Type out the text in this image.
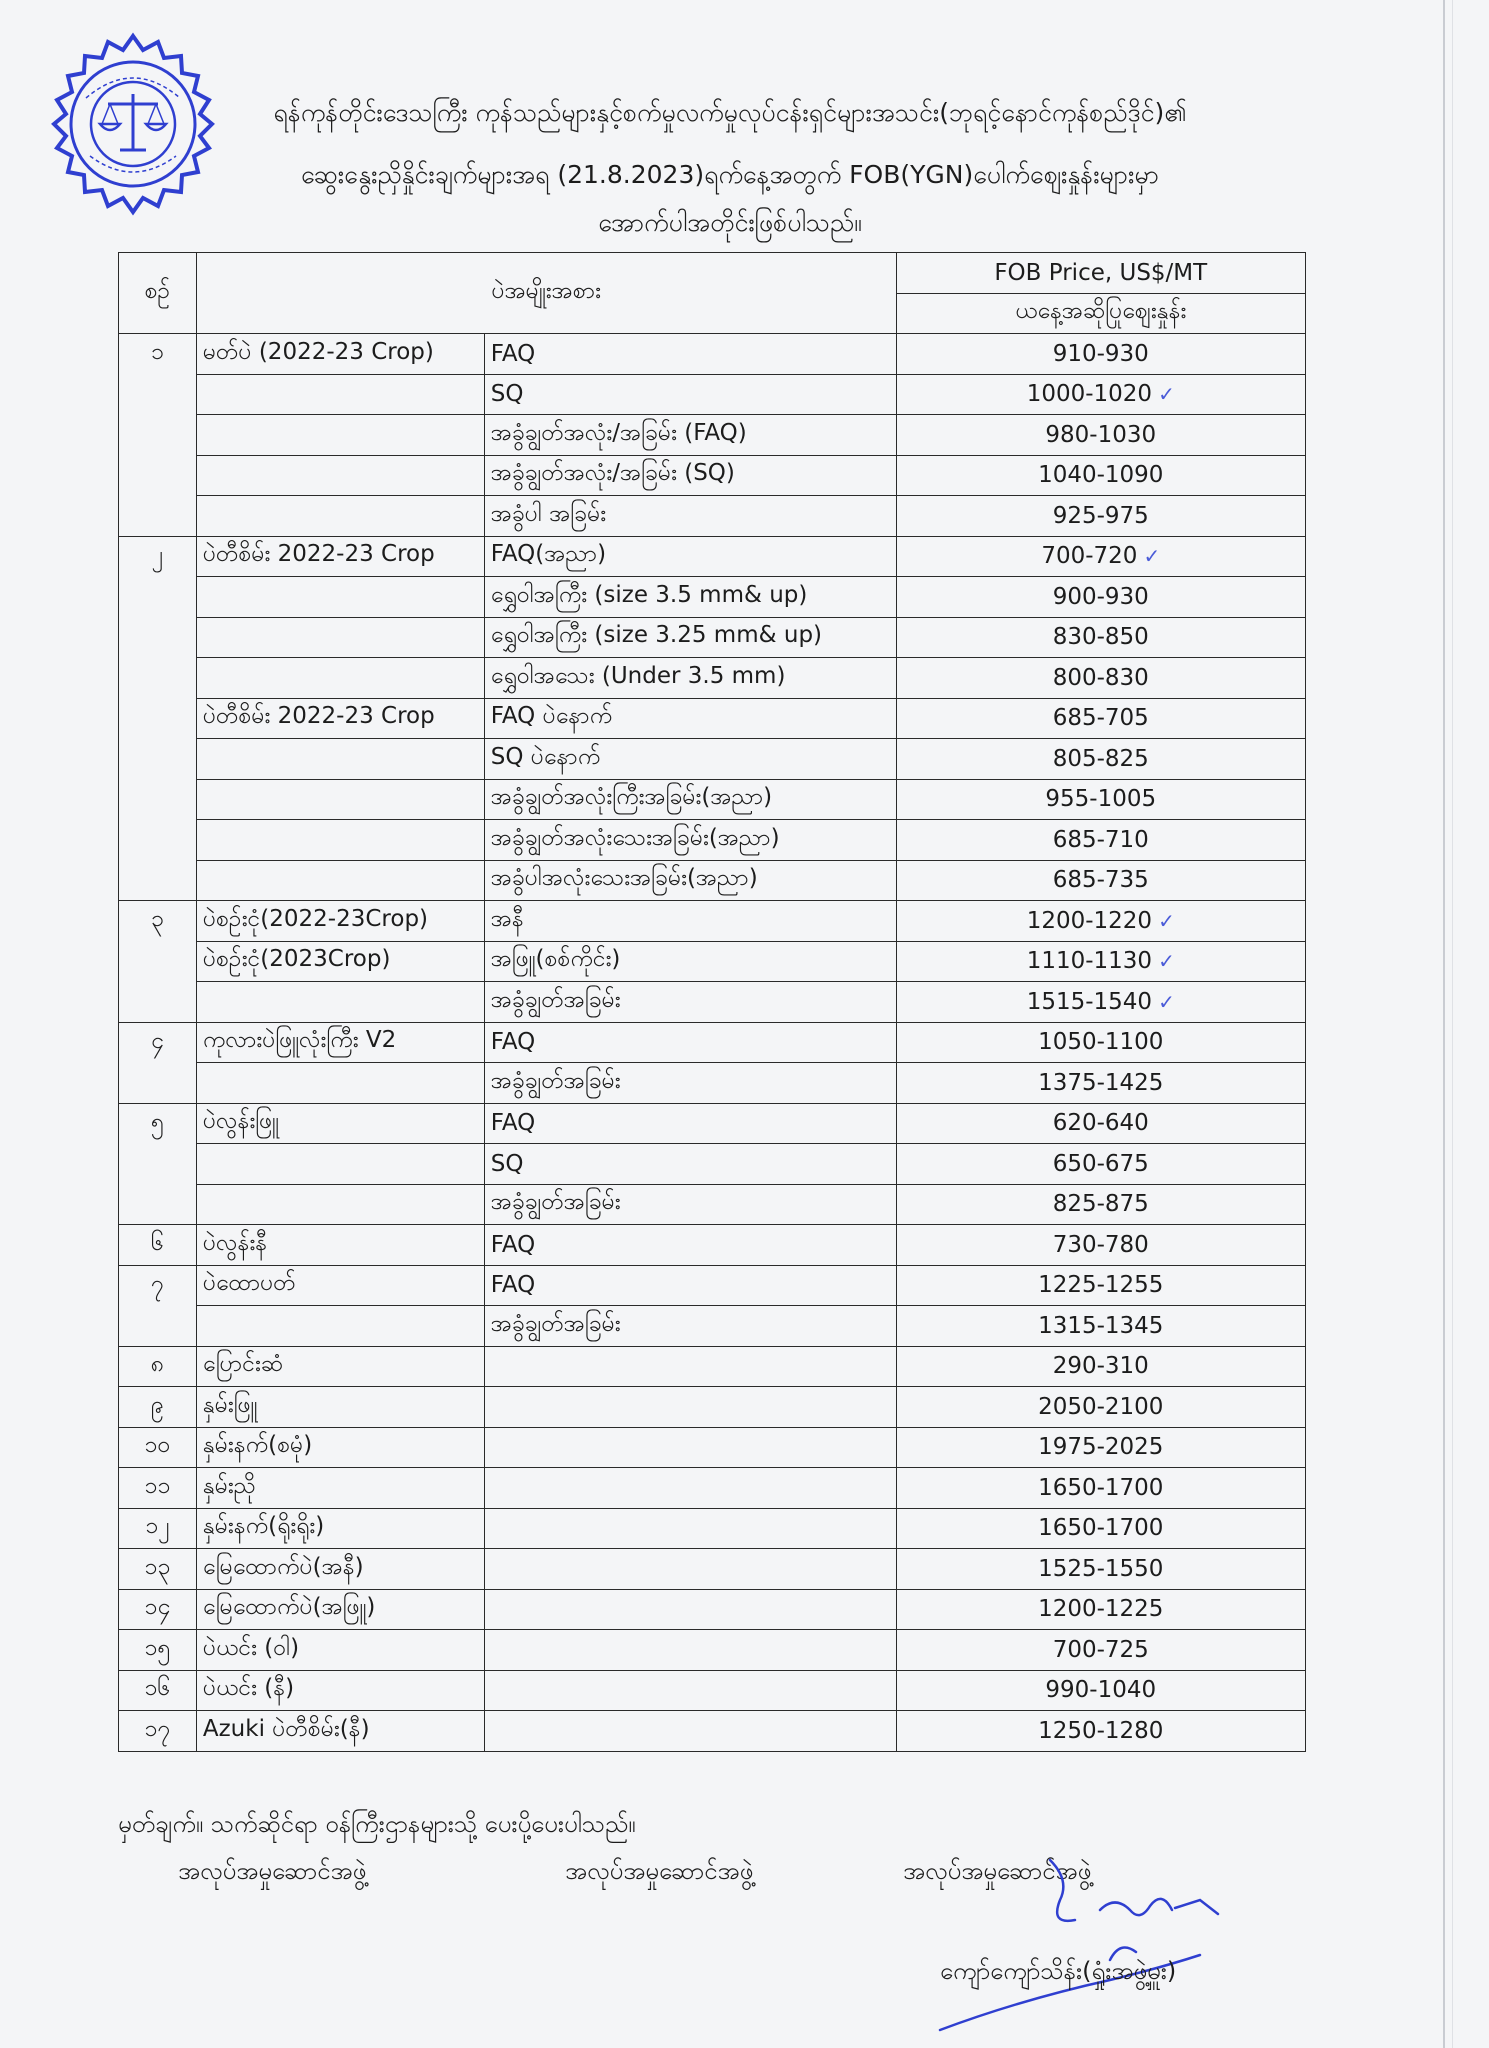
ရန်ကုန်တိုင်းဒေသကြီး ကုန်သည်များနှင့်စက်မှုလက်မှုလုပ်ငန်းရှင်များအသင်း(ဘုရင့်နောင်ကုန်စည်ဒိုင်)၏
ဆွေးနွေးညှိနှိုင်းချက်များအရ (21.8.2023)ရက်နေ့အတွက် FOB(YGN)ပေါက်ဈေးနှုန်းများမှာ
အောက်ပါအတိုင်းဖြစ်ပါသည်။
စဉ်	ပဲအမျိုးအစား		FOB Price, US$/MT
			ယနေ့အဆိုပြုဈေးနှုန်း
၁	မတ်ပဲ (2022-23 Crop)	FAQ	910-930
		SQ	1000-1020 ✓
		အခွံချွတ်အလုံး/အခြမ်း (FAQ)	980-1030
		အခွံချွတ်အလုံး/အခြမ်း (SQ)	1040-1090
		အခွံပါ အခြမ်း	925-975
၂	ပဲတီစိမ်း 2022-23 Crop	FAQ(အညာ)	700-720 ✓
		ရွှေဝါအကြီး (size 3.5 mm& up)	900-930
		ရွှေဝါအကြီး (size 3.25 mm& up)	830-850
		ရွှေဝါအသေး (Under 3.5 mm)	800-830
	ပဲတီစိမ်း 2022-23 Crop	FAQ ပဲနောက်	685-705
		SQ ပဲနောက်	805-825
		အခွံချွတ်အလုံးကြီးအခြမ်း(အညာ)	955-1005
		အခွံချွတ်အလုံးသေးအခြမ်း(အညာ)	685-710
		အခွံပါအလုံးသေးအခြမ်း(အညာ)	685-735
၃	ပဲစဉ်းငုံ(2022-23Crop)	အနီ	1200-1220 ✓
	ပဲစဉ်းငုံ(2023Crop)	အဖြူ(စစ်ကိုင်း)	1110-1130 ✓
		အခွံချွတ်အခြမ်း	1515-1540 ✓
၄	ကုလားပဲဖြူလုံးကြီး V2	FAQ	1050-1100
		အခွံချွတ်အခြမ်း	1375-1425
၅	ပဲလွန်းဖြူ	FAQ	620-640
		SQ	650-675
		အခွံချွတ်အခြမ်း	825-875
၆	ပဲလွန်းနီ	FAQ	730-780
၇	ပဲထောပတ်	FAQ	1225-1255
		အခွံချွတ်အခြမ်း	1315-1345
၈	ပြောင်းဆံ		290-310
၉	နှမ်းဖြူ		2050-2100
၁၀	နှမ်းနက်(စမုံ)		1975-2025
၁၁	နှမ်းညို		1650-1700
၁၂	နှမ်းနက်(ရိုးရိုး)		1650-1700
၁၃	မြေထောက်ပဲ(အနီ)		1525-1550
၁၄	မြေထောက်ပဲ(အဖြူ)		1200-1225
၁၅	ပဲယင်း (ဝါ)		700-725
၁၆	ပဲယင်း (နီ)		990-1040
၁၇	Azuki ပဲတီစိမ်း(နီ)		1250-1280
မှတ်ချက်။ သက်ဆိုင်ရာ ဝန်ကြီးဌာနများသို့ ပေးပို့ပေးပါသည်။
အလုပ်အမှုဆောင်အဖွဲ့	အလုပ်အမှုဆောင်အဖွဲ့	အလုပ်အမှုဆောင်အဖွဲ့
ကျော်ကျော်သိန်း(ရှုံးအဖွဲ့မှူး)
